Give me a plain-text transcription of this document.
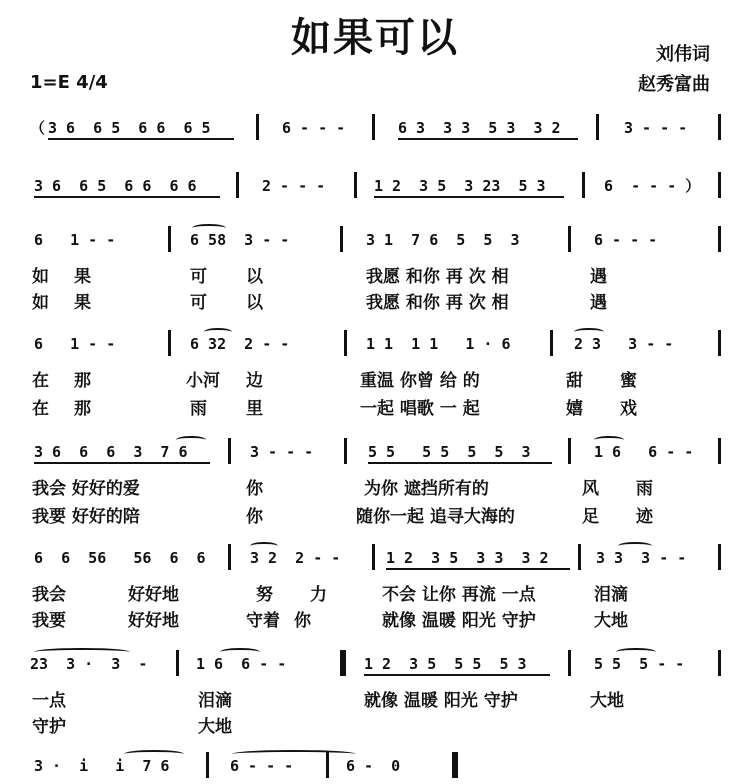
如果可以	刘伟词
赵秀富曲
1=E 4/4
（ 3 6  6 5  6 6  6 5	6 - - -	6 3  3 3  5 3  3 2	3 - - -
3 6  6 5  6 6  6 6	2 - - -	1 2  3 5  3 23  5 3	6  - - - ）
6   1 - -	6 58  3 - -	3 1  7 6  5  5  3	6 - - -
如 果	可 以	我愿 和你 再 次 相	遇
如 果	可 以	我愿 和你 再 次 相	遇
6   1 - -	6 32  2 - -	1 1  1 1   1 · 6	2 3   3 - -
在 那	小河 边	重温 你曾 给 的	甜 蜜
在 那	雨 里	一起 唱歌 一 起	嬉 戏
3 6  6  6  3  7 6	3 - - -	5 5   5 5  5  5  3	1 6   6 - -
我会 好好的爱	你	为你 遮挡所有的	风 雨
我要 好好的陪	你	随你一起 追寻大海的	足 迹
6  6  56   56  6  6	3 2  2 - -	1 2  3 5  3 3  3 2	3 3  3 - -
我会	好好地	努 力	不会 让你 再流 一点	泪滴
我要	好好地	守着 你	就像 温暖 阳光 守护	大地
23  3 ·  3  -	1 6  6 - -	1 2  3 5  5 5  5 3	5 5  5 - -
一点	泪滴	就像 温暖 阳光 守护	大地
守护	大地
3 ·  i   i  7 6	6 - - -	6 -  0
